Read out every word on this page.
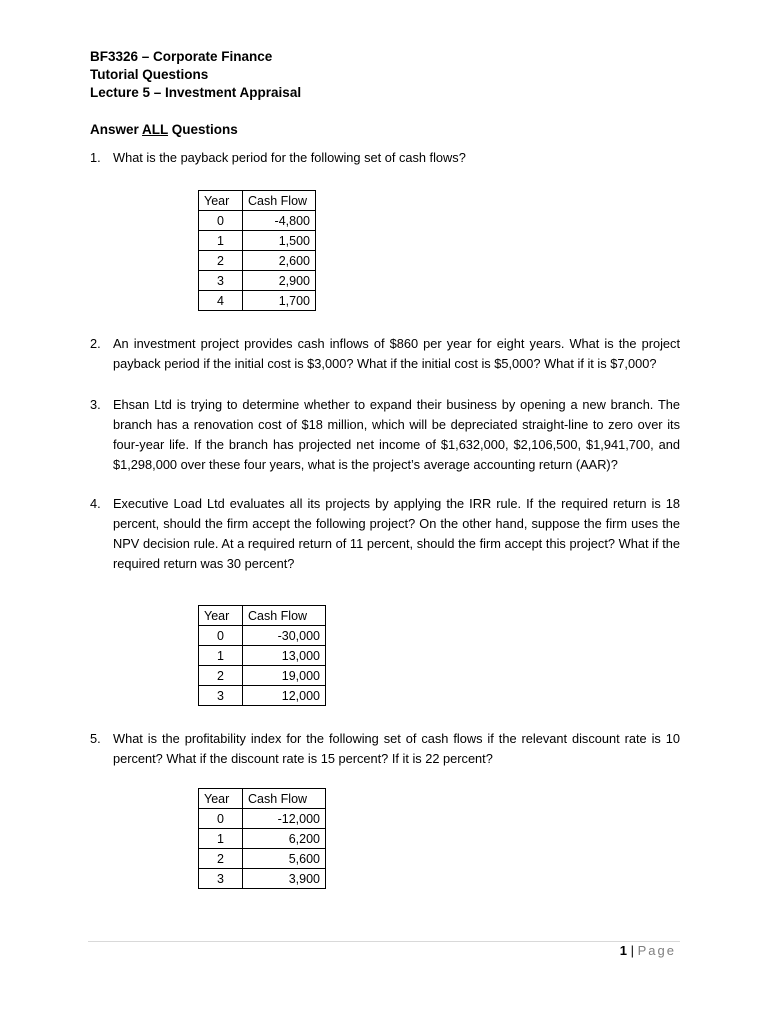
BF3326 – Corporate Finance
Tutorial Questions
Lecture 5 – Investment Appraisal
Answer ALL Questions
1. What is the payback period for the following set of cash flows?
Year	Cash Flow
0	-4,800
1	1,500
2	2,600
3	2,900
4	1,700
2. An investment project provides cash inflows of $860 per year for eight years. What is the project payback period if the initial cost is $3,000? What if the initial cost is $5,000? What if it is $7,000?
3. Ehsan Ltd is trying to determine whether to expand their business by opening a new branch. The branch has a renovation cost of $18 million, which will be depreciated straight-line to zero over its four-year life. If the branch has projected net income of $1,632,000, $2,106,500, $1,941,700, and $1,298,000 over these four years, what is the project’s average accounting return (AAR)?
4. Executive Load Ltd evaluates all its projects by applying the IRR rule. If the required return is 18 percent, should the firm accept the following project? On the other hand, suppose the firm uses the NPV decision rule. At a required return of 11 percent, should the firm accept this project? What if the required return was 30 percent?
Year	Cash Flow
0	-30,000
1	13,000
2	19,000
3	12,000
5. What is the profitability index for the following set of cash flows if the relevant discount rate is 10 percent? What if the discount rate is 15 percent? If it is 22 percent?
Year	Cash Flow
0	-12,000
1	6,200
2	5,600
3	3,900
1 | Page
